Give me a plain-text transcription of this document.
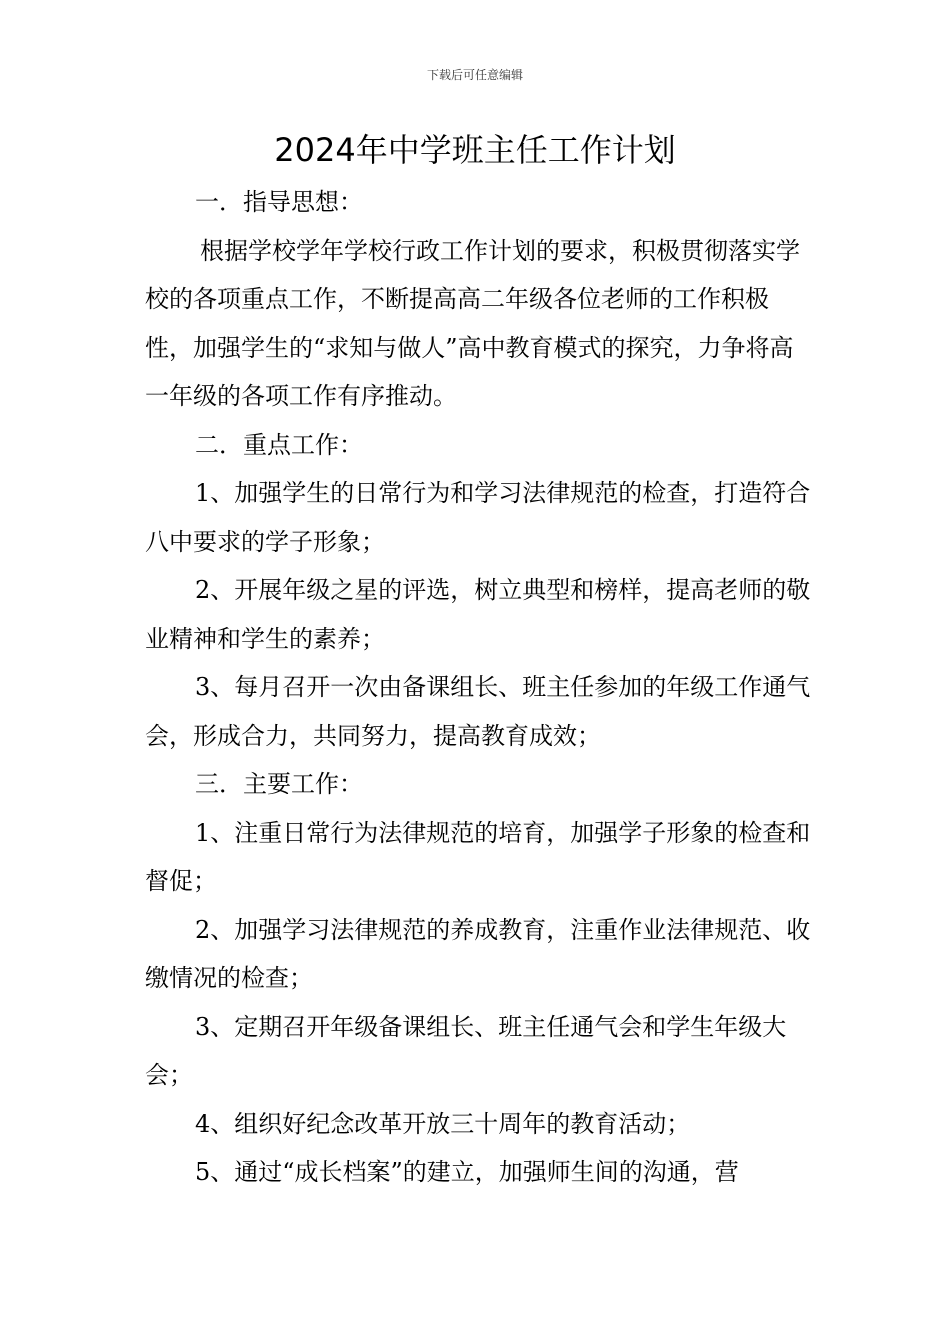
下载后可任意编辑
2024年中学班主任工作计划

一．指导思想：

根据学校学年学校行政工作计划的要求，积极贯彻落实学校的各项重点工作，不断提高高二年级各位老师的工作积极性，加强学生的“求知与做人”高中教育模式的探究，力争将高一年级的各项工作有序推动。

二．重点工作：

1、加强学生的日常行为和学习法律规范的检查，打造符合八中要求的学子形象；

2、开展年级之星的评选，树立典型和榜样，提高老师的敬业精神和学生的素养；

3、每月召开一次由备课组长、班主任参加的年级工作通气会，形成合力，共同努力，提高教育成效；

三．主要工作：

1、注重日常行为法律规范的培育，加强学子形象的检查和督促；

2、加强学习法律规范的养成教育，注重作业法律规范、收缴情况的检查；

3、定期召开年级备课组长、班主任通气会和学生年级大会；

4、组织好纪念改革开放三十周年的教育活动；

5、通过“成长档案”的建立，加强师生间的沟通，营
